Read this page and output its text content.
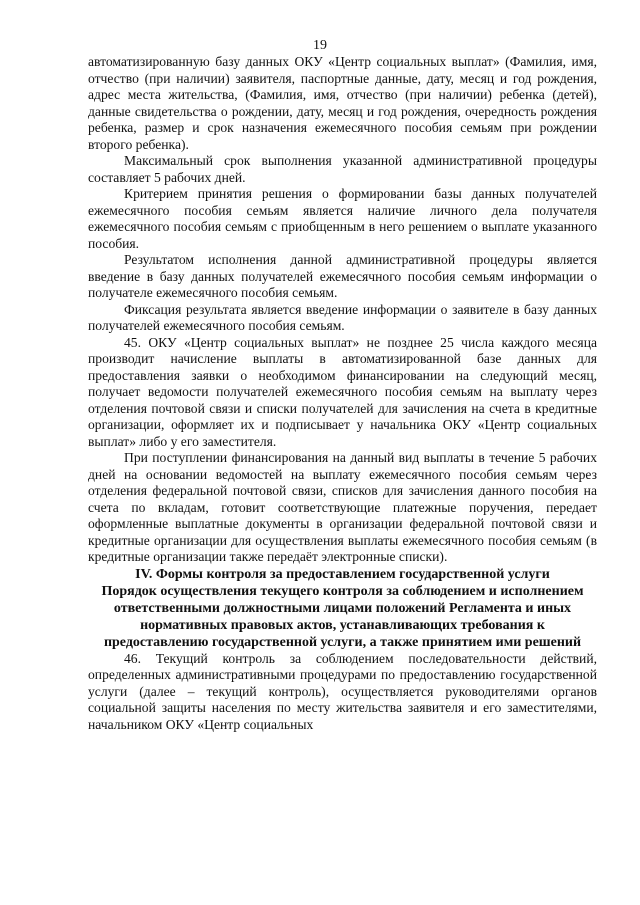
19

автоматизированную базу данных ОКУ «Центр социальных выплат» (Фамилия, имя, отчество (при наличии) заявителя, паспортные данные, дату, месяц и год рождения, адрес места жительства, (Фамилия, имя, отчество (при наличии) ребенка (детей), данные свидетельства о рождении, дату, месяц и год рождения, очередность рождения ребенка, размер и срок назначения ежемесячного пособия семьям при рождении второго ребенка).

Максимальный срок выполнения указанной административной процедуры составляет 5 рабочих дней.

Критерием принятия решения о формировании базы данных получателей ежемесячного пособия семьям является наличие личного дела получателя ежемесячного пособия семьям с приобщенным в него решением о выплате указанного пособия.

Результатом исполнения данной административной процедуры является введение в базу данных получателей ежемесячного пособия семьям информации о получателе ежемесячного пособия семьям.

Фиксация результата является введение информации о заявителе в базу данных получателей ежемесячного пособия семьям.

45. ОКУ «Центр социальных выплат» не позднее 25 числа каждого месяца производит начисление выплаты в автоматизированной базе данных для предоставления заявки о необходимом финансировании на следующий месяц, получает ведомости получателей ежемесячного пособия семьям на выплату через отделения почтовой связи и списки получателей для зачисления на счета в кредитные организации, оформляет их и подписывает у начальника ОКУ «Центр социальных выплат» либо у его заместителя.

При поступлении финансирования на данный вид выплаты в течение 5 рабочих дней на основании ведомостей на выплату ежемесячного пособия семьям через отделения федеральной почтовой связи, списков для зачисления данного пособия на счета по вкладам, готовит соответствующие платежные поручения, передает оформленные выплатные документы в организации федеральной почтовой связи и кредитные организации для осуществления выплаты ежемесячного пособия семьям (в кредитные организации также передаёт электронные списки).

IV. Формы контроля за предоставлением государственной услуги

Порядок осуществления текущего контроля за соблюдением и исполнением ответственными должностными лицами положений Регламента и иных нормативных правовых актов, устанавливающих требования к предоставлению государственной услуги, а также принятием ими решений

46. Текущий контроль за соблюдением последовательности действий, определенных административными процедурами по предоставлению государственной услуги (далее – текущий контроль), осуществляется руководителями органов социальной защиты населения по месту жительства заявителя и его заместителями, начальником ОКУ «Центр социальных
